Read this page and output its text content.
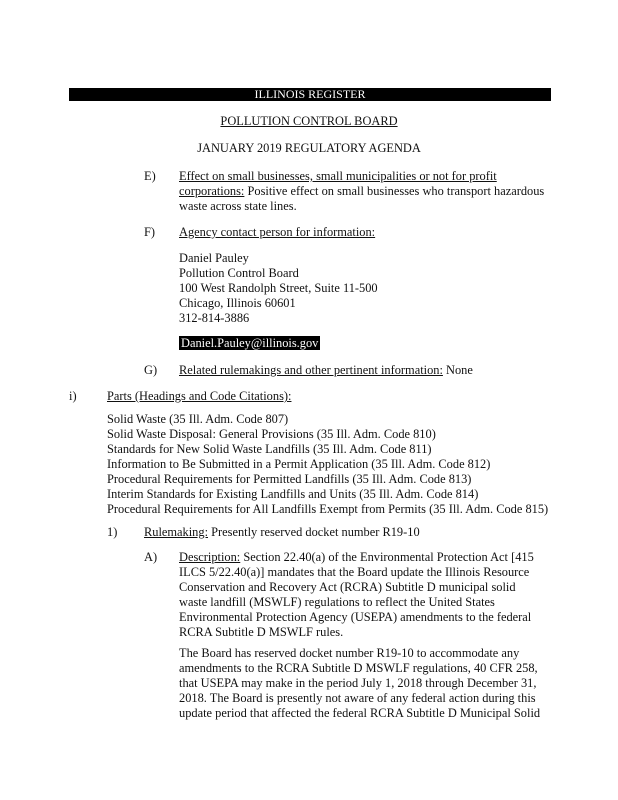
ILLINOIS REGISTER
POLLUTION CONTROL BOARD
JANUARY 2019 REGULATORY AGENDA
E) Effect on small businesses, small municipalities or not for profit corporations: Positive effect on small businesses who transport hazardous waste across state lines.
F) Agency contact person for information:
Daniel Pauley
Pollution Control Board
100 West Randolph Street, Suite 11-500
Chicago, Illinois 60601
312-814-3886
Daniel.Pauley@illinois.gov
G) Related rulemakings and other pertinent information: None
i) Parts (Headings and Code Citations):
Solid Waste (35 Ill. Adm. Code 807)
Solid Waste Disposal: General Provisions (35 Ill. Adm. Code 810)
Standards for New Solid Waste Landfills (35 Ill. Adm. Code 811)
Information to Be Submitted in a Permit Application (35 Ill. Adm. Code 812)
Procedural Requirements for Permitted Landfills (35 Ill. Adm. Code 813)
Interim Standards for Existing Landfills and Units (35 Ill. Adm. Code 814)
Procedural Requirements for All Landfills Exempt from Permits (35 Ill. Adm. Code 815)
1) Rulemaking: Presently reserved docket number R19-10
A) Description: Section 22.40(a) of the Environmental Protection Act [415 ILCS 5/22.40(a)] mandates that the Board update the Illinois Resource Conservation and Recovery Act (RCRA) Subtitle D municipal solid waste landfill (MSWLF) regulations to reflect the United States Environmental Protection Agency (USEPA) amendments to the federal RCRA Subtitle D MSWLF rules.
The Board has reserved docket number R19-10 to accommodate any amendments to the RCRA Subtitle D MSWLF regulations, 40 CFR 258, that USEPA may make in the period July 1, 2018 through December 31, 2018. The Board is presently not aware of any federal action during this update period that affected the federal RCRA Subtitle D Municipal Solid
